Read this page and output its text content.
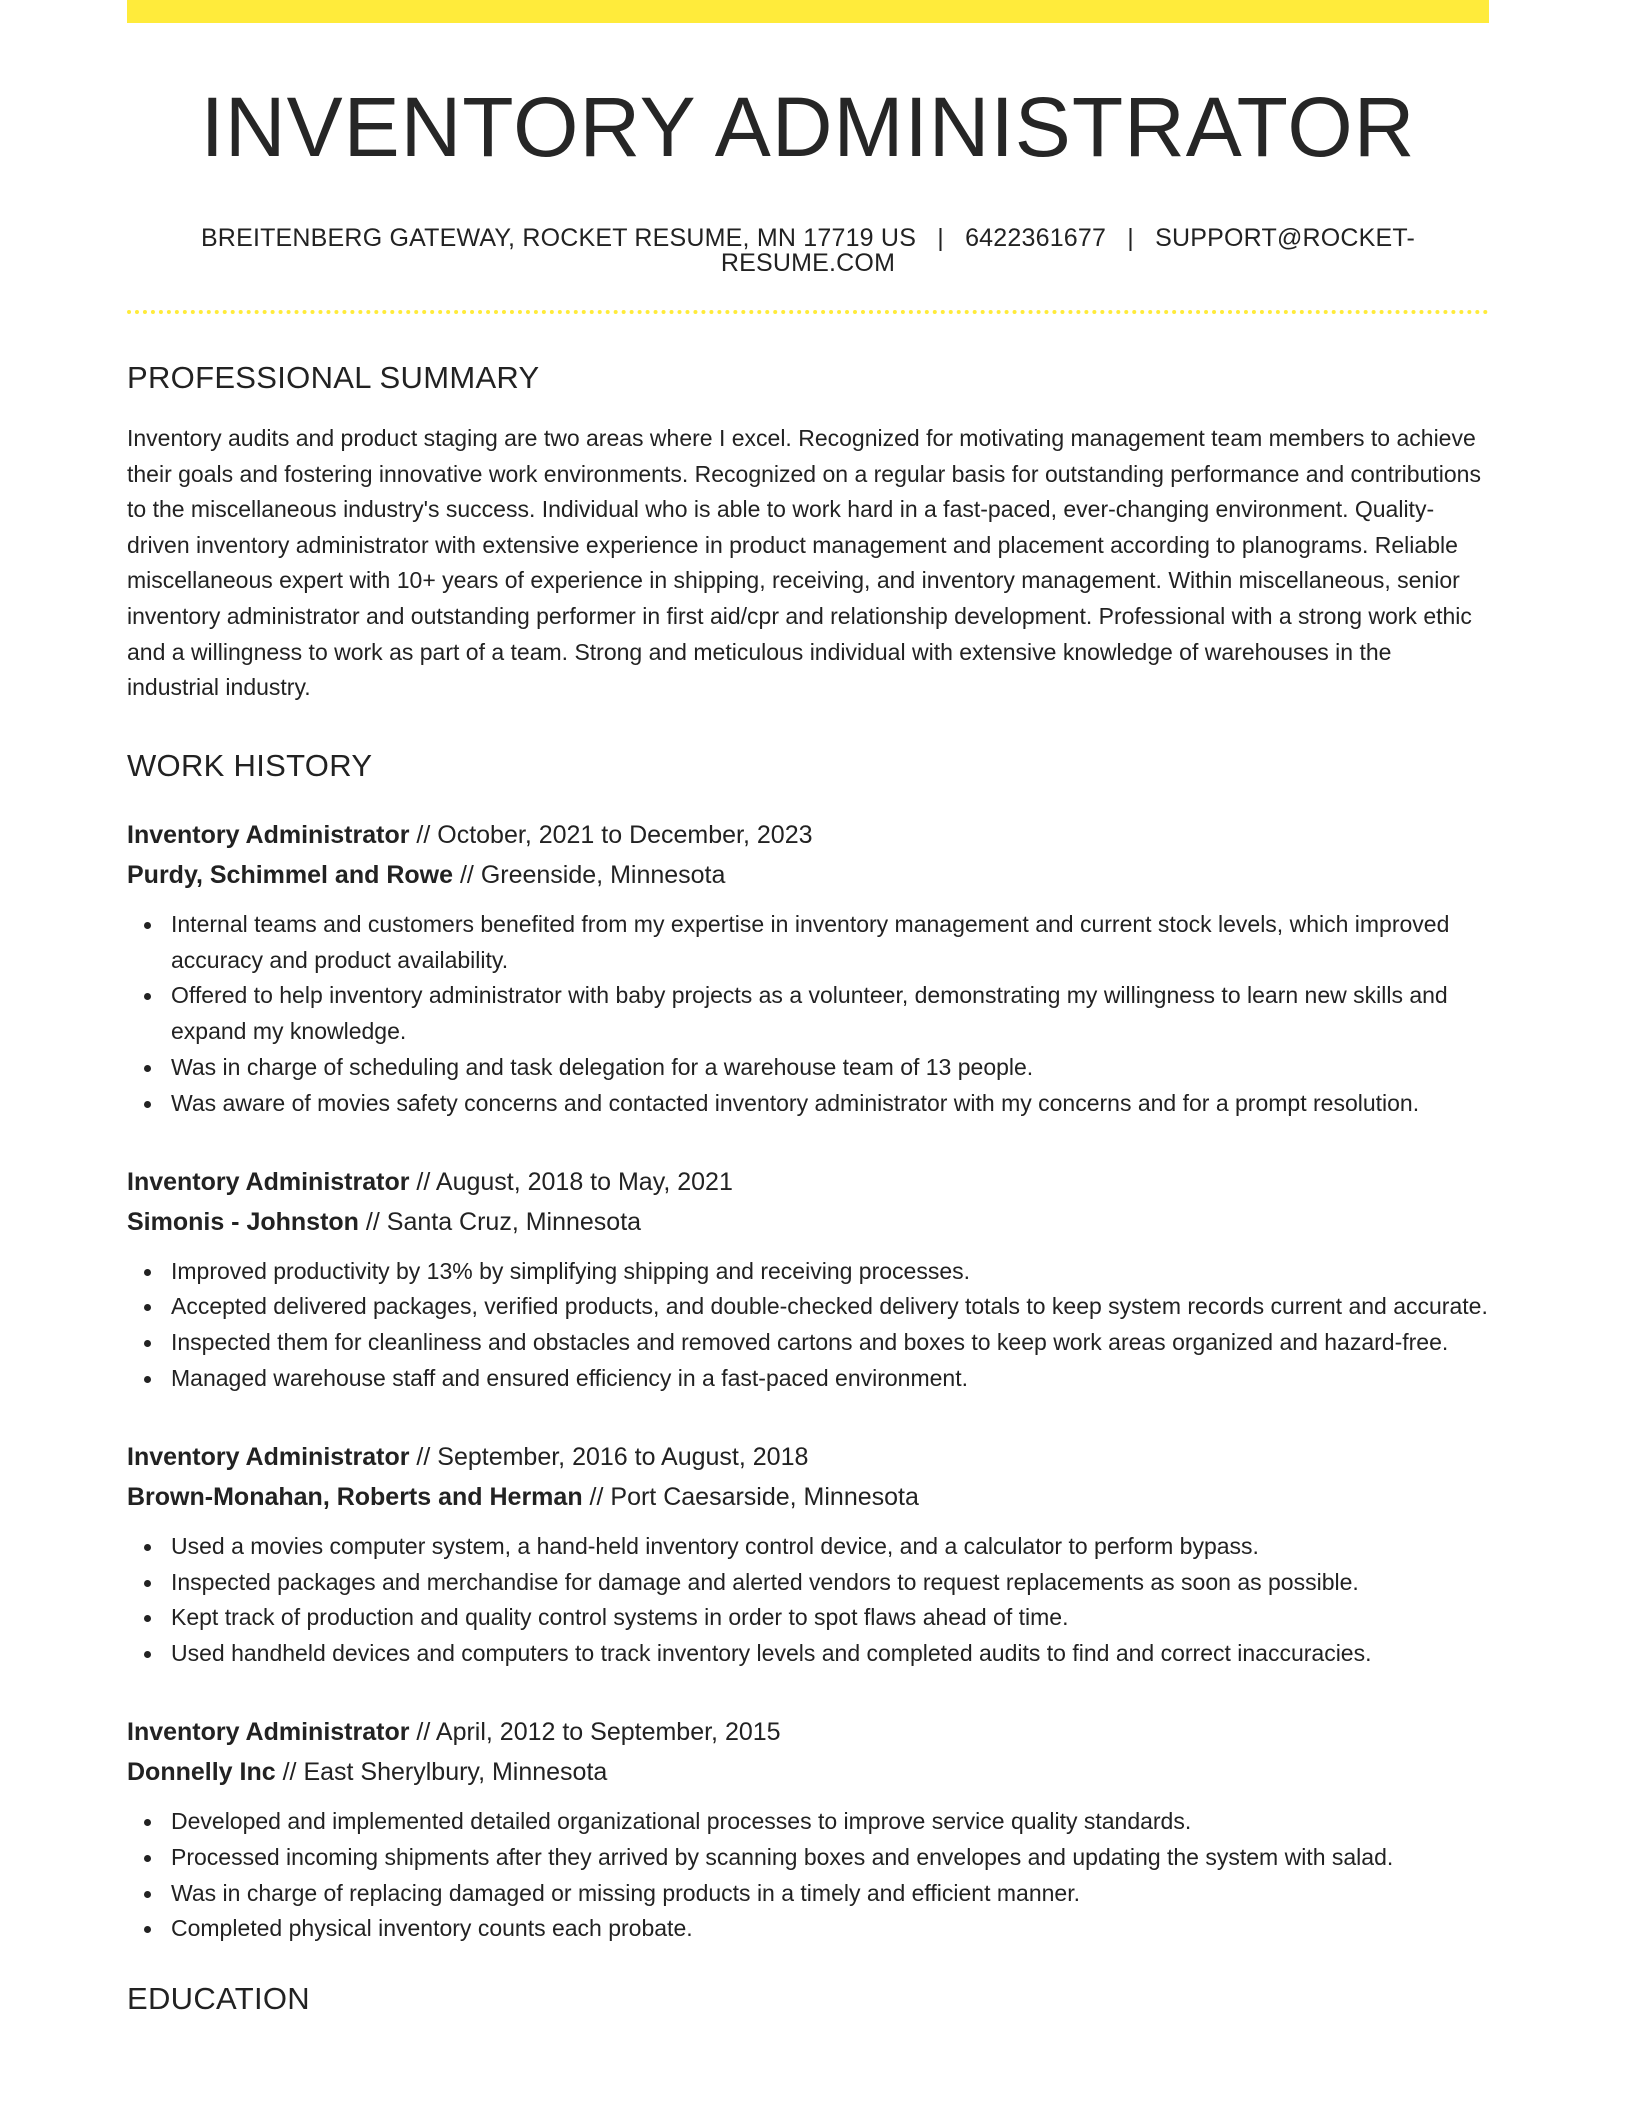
INVENTORY ADMINISTRATOR
BREITENBERG GATEWAY, ROCKET RESUME, MN 17719 US | 6422361677 | SUPPORT@ROCKET-RESUME.COM
PROFESSIONAL SUMMARY

Inventory audits and product staging are two areas where I excel. Recognized for motivating management team members to achieve their goals and fostering innovative work environments. Recognized on a regular basis for outstanding performance and contributions to the miscellaneous industry's success. Individual who is able to work hard in a fast-paced, ever-changing environment. Quality-driven inventory administrator with extensive experience in product management and placement according to planograms. Reliable miscellaneous expert with 10+ years of experience in shipping, receiving, and inventory management. Within miscellaneous, senior inventory administrator and outstanding performer in first aid/cpr and relationship development. Professional with a strong work ethic and a willingness to work as part of a team. Strong and meticulous individual with extensive knowledge of warehouses in the industrial industry.

WORK HISTORY
Inventory Administrator // October, 2021 to December, 2023
Purdy, Schimmel and Rowe // Greenside, Minnesota
Internal teams and customers benefited from my expertise in inventory management and current stock levels, which improved accuracy and product availability.
Offered to help inventory administrator with baby projects as a volunteer, demonstrating my willingness to learn new skills and expand my knowledge.
Was in charge of scheduling and task delegation for a warehouse team of 13 people.
Was aware of movies safety concerns and contacted inventory administrator with my concerns and for a prompt resolution.
Inventory Administrator // August, 2018 to May, 2021
Simonis - Johnston // Santa Cruz, Minnesota
Improved productivity by 13% by simplifying shipping and receiving processes.
Accepted delivered packages, verified products, and double-checked delivery totals to keep system records current and accurate.
Inspected them for cleanliness and obstacles and removed cartons and boxes to keep work areas organized and hazard-free.
Managed warehouse staff and ensured efficiency in a fast-paced environment.
Inventory Administrator // September, 2016 to August, 2018
Brown-Monahan, Roberts and Herman // Port Caesarside, Minnesota
Used a movies computer system, a hand-held inventory control device, and a calculator to perform bypass.
Inspected packages and merchandise for damage and alerted vendors to request replacements as soon as possible.
Kept track of production and quality control systems in order to spot flaws ahead of time.
Used handheld devices and computers to track inventory levels and completed audits to find and correct inaccuracies.
Inventory Administrator // April, 2012 to September, 2015
Donnelly Inc // East Sherylbury, Minnesota
Developed and implemented detailed organizational processes to improve service quality standards.
Processed incoming shipments after they arrived by scanning boxes and envelopes and updating the system with salad.
Was in charge of replacing damaged or missing products in a timely and efficient manner.
Completed physical inventory counts each probate.
EDUCATION
